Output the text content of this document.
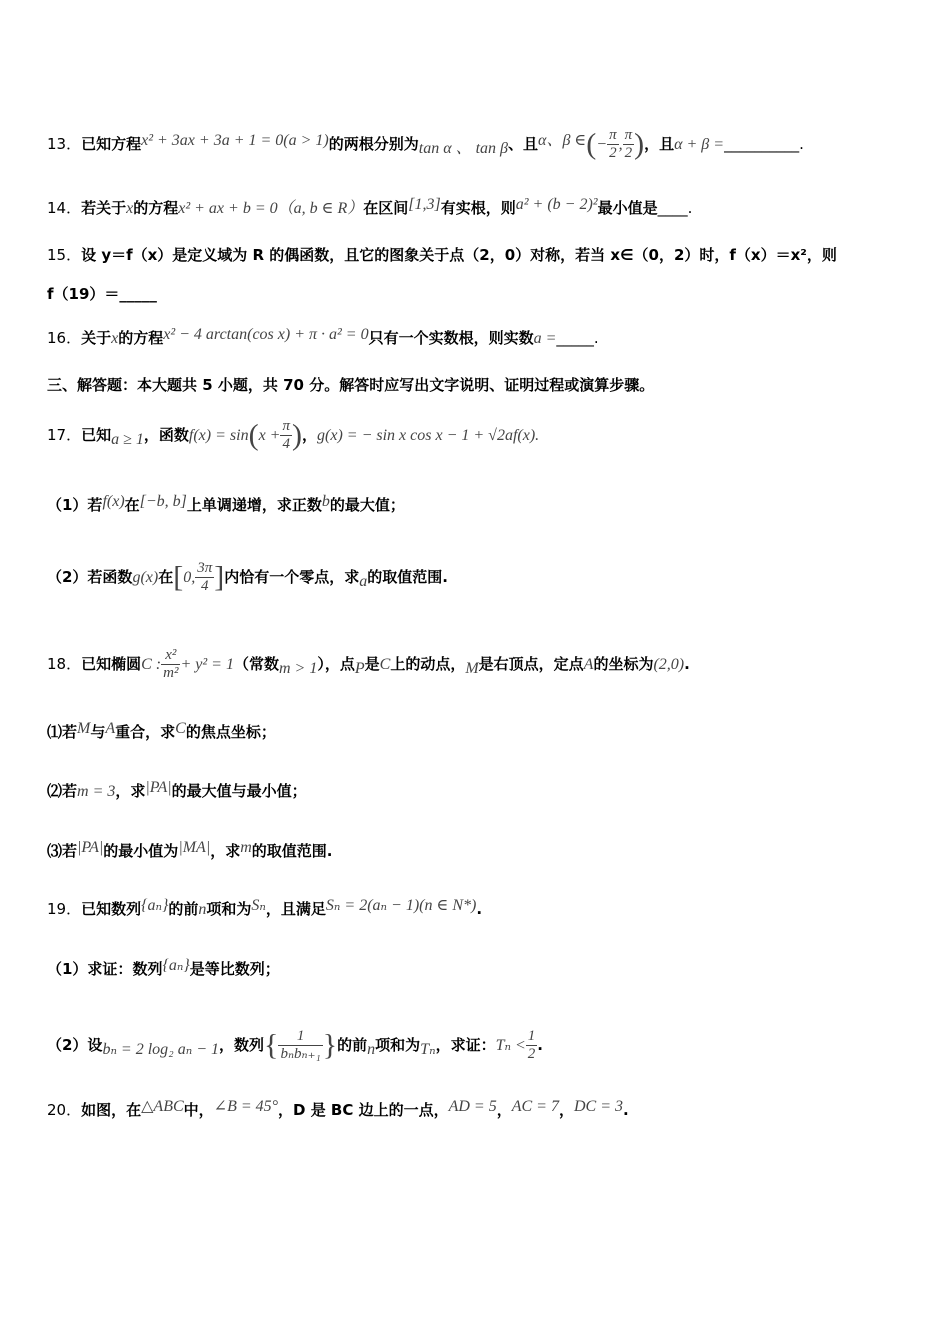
13．已知方程x² + 3ax + 3a + 1 = 0(a > 1)的两根分别为tan α 、 tan β、且α、β ∈(− $\frac{\pi}{2}$ , $\frac{\pi}{2}$ )，且α + β =__________.
14．若关于x的方程x² + ax + b = 0（a, b ∈ R）在区间[1,3]有实根，则a² + (b − 2)²最小值是____.
15．设 y＝f（x）是定义域为 R 的偶函数，且它的图象关于点（2，0）对称，若当 x∈（0，2）时，f（x）＝x²，则
f（19）＝_____
16．关于x的方程x² − 4 arctan(cos x) + π · a² = 0只有一个实数根，则实数a =_____.
三、解答题：本大题共 5 小题，共 70 分。解答时应写出文字说明、证明过程或演算步骤。
17．已知a ≥ 1，函数$f(x) = \sin(x + \frac{\pi}{4}$ )，g(x) = − sin x cos x − 1 + √2af(x).
（1）若f(x)在[−b, b]上单调递增，求正数b的最大值；
（2）若函数g(x)在[0, $\frac{3\pi}{4}$ ]内恰有一个零点，求a的取值范围.
18．已知椭圆C : $\frac{\text{x²}}{\text{m²}} + y^2 = 1$（常数m > 1），点P是C上的动点，M是右顶点，定点A的坐标为(2,0).
⑴若M与A重合，求C的焦点坐标；
⑵若m = 3，求|PA|的最大值与最小值；
⑶若|PA|的最小值为|MA|，求m的取值范围.
19．已知数列{aₙ}的前n项和为Sₙ，且满足Sₙ = 2(aₙ − 1)(n ∈ N*).
（1）求证：数列{aₙ}是等比数列；
（2）设bₙ = 2 log₂ aₙ − 1，数列{ $\frac{1}{\text{bₙbₙ₊₁}}$ }的前n项和为Tₙ，求证：$T_n < \frac{1}{2}$ .
20．如图，在△ABC中，∠B = 45°，D 是 BC 边上的一点，AD = 5，AC = 7，DC = 3.
